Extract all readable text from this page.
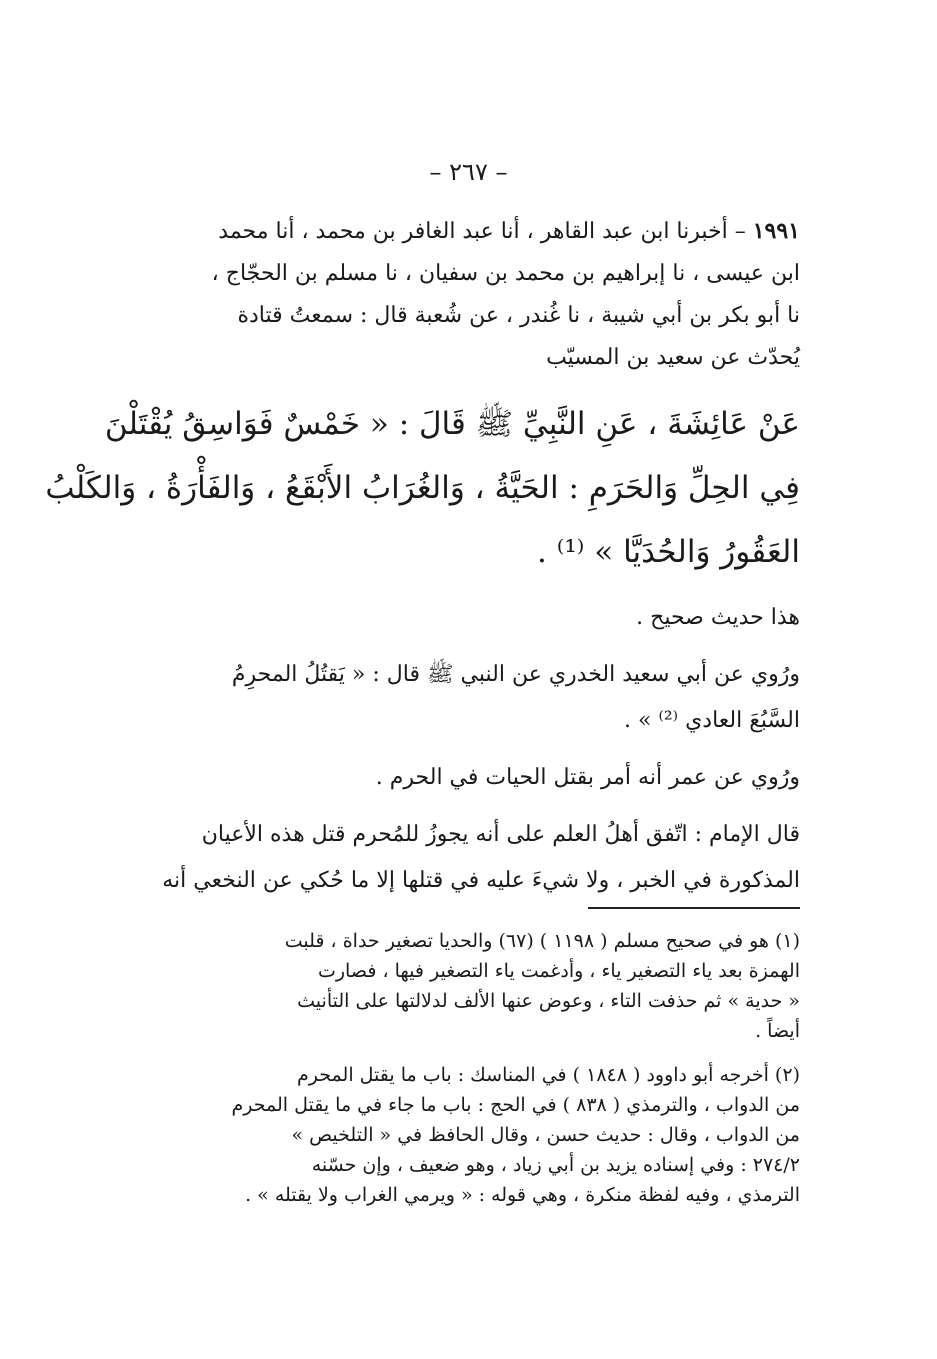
– ٢٦٧ –
١٩٩١ – أخبرنا ابن عبد القاهر ، أنا عبد الغافر بن محمد ، أنا محمد
ابن عيسى ، نا إبراهيم بن محمد بن سفيان ، نا مسلم بن الحجّاج ،
نا أبو بكر بن أبي شيبة ، نا غُندر ، عن شُعبة قال : سمعتُ قتادة
يُحدّث عن سعيد بن المسيّب
عَنْ عَائِشَةَ ، عَنِ النَّبِيِّ ﷺ قَالَ : « خَمْسٌ فَوَاسِقُ يُقْتَلْنَ
فِي الحِلِّ وَالحَرَمِ : الحَيَّةُ ، وَالغُرَابُ الأَبْقَعُ ، وَالفَأْرَةُ ، وَالكَلْبُ
العَقُورُ وَالحُدَيَّا » ⁽¹⁾ .
هذا حديث صحيح .
ورُوي عن أبي سعيد الخدري عن النبي ﷺ قال : « يَقتُلُ المحرِمُ
السَّبُعَ العادي ⁽²⁾ » .
ورُوي عن عمر أنه أمر بقتل الحيات في الحرم .
قال الإمام : اتّفق أهلُ العلم على أنه يجوزُ للمُحرم قتل هذه الأعيان
المذكورة في الخبر ، ولا شيءَ عليه في قتلها إلا ما حُكي عن النخعي أنه
(١) هو في صحيح مسلم ( ١١٩٨ ) (٦٧) والحديا تصغير حداة ، قلبت
الهمزة بعد ياء التصغير ياء ، وأدغمت ياء التصغير فيها ، فصارت
« حدية » ثم حذفت التاء ، وعوض عنها الألف لدلالتها على التأنيث
أيضاً .
(٢) أخرجه أبو داوود ( ١٨٤٨ ) في المناسك : باب ما يقتل المحرم
من الدواب ، والترمذي ( ٨٣٨ ) في الحج : باب ما جاء في ما يقتل المحرم
من الدواب ، وقال : حديث حسن ، وقال الحافظ في « التلخيص »
٢٧٤/٢ : وفي إسناده يزيد بن أبي زياد ، وهو ضعيف ، وإن حسّنه
الترمذي ، وفيه لفظة منكرة ، وهي قوله : « ويرمي الغراب ولا يقتله » .
